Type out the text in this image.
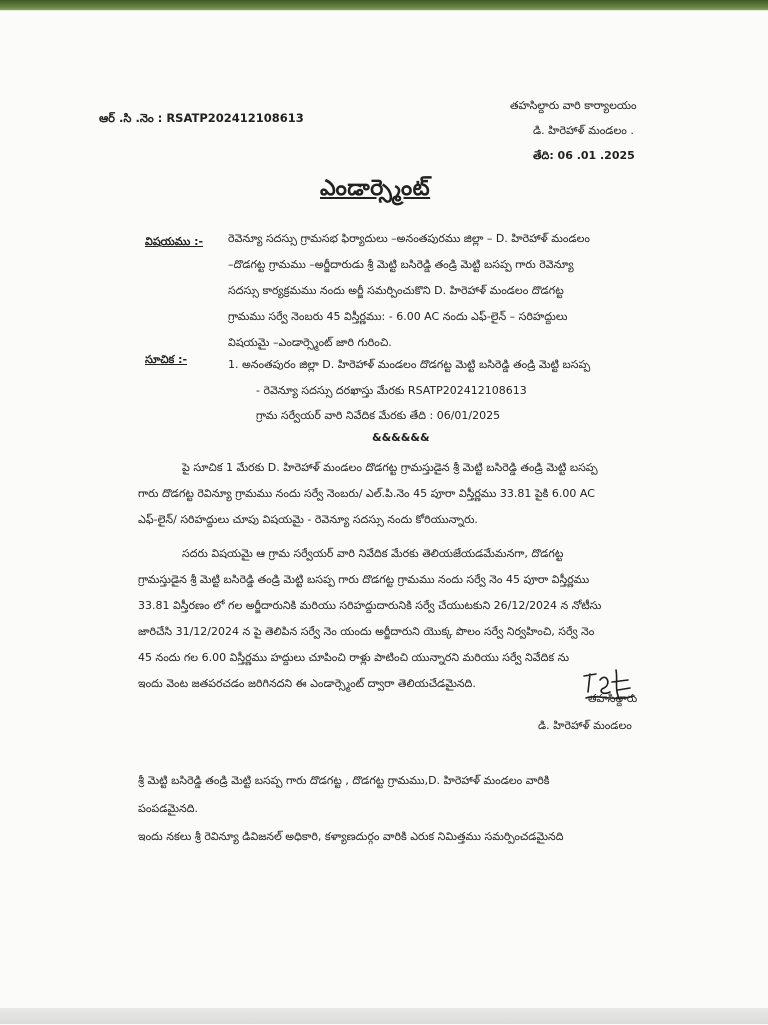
ఆర్ .సి .నెం : RSATP202412108613
తహసిల్దారు వారి కార్యాలయం
డి. హిరెహాళ్ మండలం .
తేది: 06 .01 .2025
ఎండార్స్మెంట్
విషయము :- రెవెన్యూ సదస్సు గ్రామసభ ఫిర్యాదులు –అనంతపురము జిల్లా – D. హిరెహాళ్ మండలం
–దొడగట్ట గ్రామము –అర్జీదారుడు శ్రీ మెట్టి బసిరెడ్డి తండ్రి మెట్టి బసప్ప గారు రెవెన్యూ
సదస్సు కార్యక్రమము నందు అర్జీ సమర్పించుకొని D. హిరెహాళ్ మండలం దొడగట్ట
గ్రామము సర్వే నెంబరు 45 విస్తీర్ణము: - 6.00 AC నందు ఎఫ్-లైన్ – సరిహద్దులు
విషయమై –ఎండార్స్మెంట్ జారి గురించి.
సూచిక :-	1. అనంతపురం జిల్లా D. హిరెహాళ్ మండలం దొడగట్ట మెట్టి బసిరెడ్డి తండ్రి మెట్టి బసప్ప
- రెవెన్యూ సదస్సు దరఖాస్తు మేరకు RSATP202412108613
గ్రామ సర్వేయర్ వారి నివేదిక మేరకు తేది : 06/01/2025
&&&&&&
పై సూచిక 1 మేరకు D. హిరెహాళ్ మండలం దొడగట్ట గ్రామస్తుడైన శ్రీ మెట్టి బసిరెడ్డి తండ్రి మెట్టి బసప్ప
గారు దొడగట్ట రెవిన్యూ గ్రామము నందు సర్వే నెంబరు/ ఎల్.పి.నెం 45 పూరా విస్తీర్ణము 33.81 పైకి 6.00 AC
ఎఫ్-లైన్/ సరిహద్దులు చూపు విషయమై - రెవెన్యూ సదస్సు నందు కోరియున్నారు.
సదరు విషయమై ఆ గ్రామ సర్వేయర్ వారి నివేదిక మేరకు తెలియజేయడమేమనగా, దొడగట్ట
గ్రామస్తుడైన శ్రీ మెట్టి బసిరెడ్డి తండ్రి మెట్టి బసప్ప గారు దొడగట్ట గ్రామము నందు సర్వే నెం 45 పూరా విస్తీర్ణము
33.81 విస్తీరణం లో గల అర్జీదారునికి మరియు సరిహద్దుదారునికి సర్వే చేయుటకుని 26/12/2024 న నోటీసు
జారిచేసి 31/12/2024 న పై తెలిపిన సర్వే నెం యందు అర్జీదారుని యొక్క పొలం సర్వే నిర్వహించి, సర్వే నెం
45 నందు గల 6.00 విస్తీర్ణము హద్దులు చూపించి రాళ్లు పాటించి యున్నారని మరియు సర్వే నివేదిక ను
ఇందు వెంట జతపరచడం జరిగినదని ఈ ఎండార్స్మెంట్ ద్వారా తెలియచేడమైనది.
తహసిల్దారు
డి. హిరెహాళ్ మండలం
శ్రీ మెట్టి బసిరెడ్డి తండ్రి మెట్టి బసప్ప గారు దొడగట్ట , దొడగట్ట గ్రామము,D. హిరెహాళ్ మండలం వారికి
పంపడమైనది.
ఇందు నకలు శ్రీ రెవిన్యూ డివిజనల్ అధికారి, కళ్యాణదుర్గం వారికి ఎరుక నిమిత్తము సమర్పించడమైనది
